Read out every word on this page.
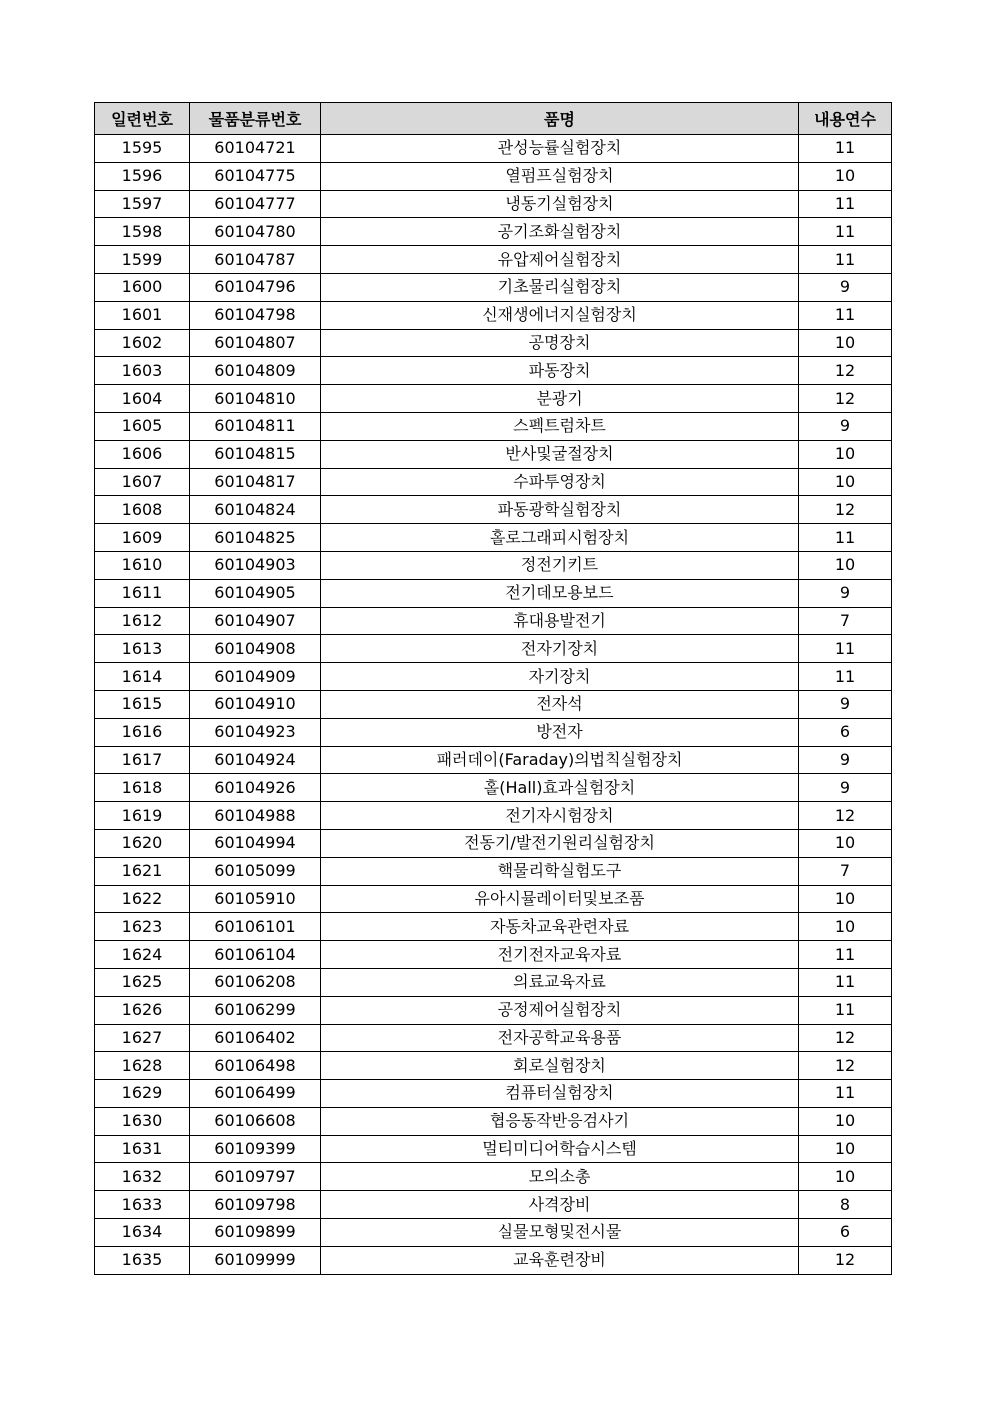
일련번호	물품분류번호	품명	내용연수
1595	60104721	관성능률실험장치	11
1596	60104775	열펌프실험장치	10
1597	60104777	냉동기실험장치	11
1598	60104780	공기조화실험장치	11
1599	60104787	유압제어실험장치	11
1600	60104796	기초물리실험장치	9
1601	60104798	신재생에너지실험장치	11
1602	60104807	공명장치	10
1603	60104809	파동장치	12
1604	60104810	분광기	12
1605	60104811	스펙트럼차트	9
1606	60104815	반사및굴절장치	10
1607	60104817	수파투영장치	10
1608	60104824	파동광학실험장치	12
1609	60104825	홀로그래피시험장치	11
1610	60104903	정전기키트	10
1611	60104905	전기데모용보드	9
1612	60104907	휴대용발전기	7
1613	60104908	전자기장치	11
1614	60104909	자기장치	11
1615	60104910	전자석	9
1616	60104923	방전자	6
1617	60104924	패러데이(Faraday)의법칙실험장치	9
1618	60104926	홀(Hall)효과실험장치	9
1619	60104988	전기자시험장치	12
1620	60104994	전동기/발전기원리실험장치	10
1621	60105099	핵물리학실험도구	7
1622	60105910	유아시뮬레이터및보조품	10
1623	60106101	자동차교육관련자료	10
1624	60106104	전기전자교육자료	11
1625	60106208	의료교육자료	11
1626	60106299	공정제어실험장치	11
1627	60106402	전자공학교육용품	12
1628	60106498	회로실험장치	12
1629	60106499	컴퓨터실험장치	11
1630	60106608	협응동작반응검사기	10
1631	60109399	멀티미디어학습시스템	10
1632	60109797	모의소총	10
1633	60109798	사격장비	8
1634	60109899	실물모형및전시물	6
1635	60109999	교육훈련장비	12
